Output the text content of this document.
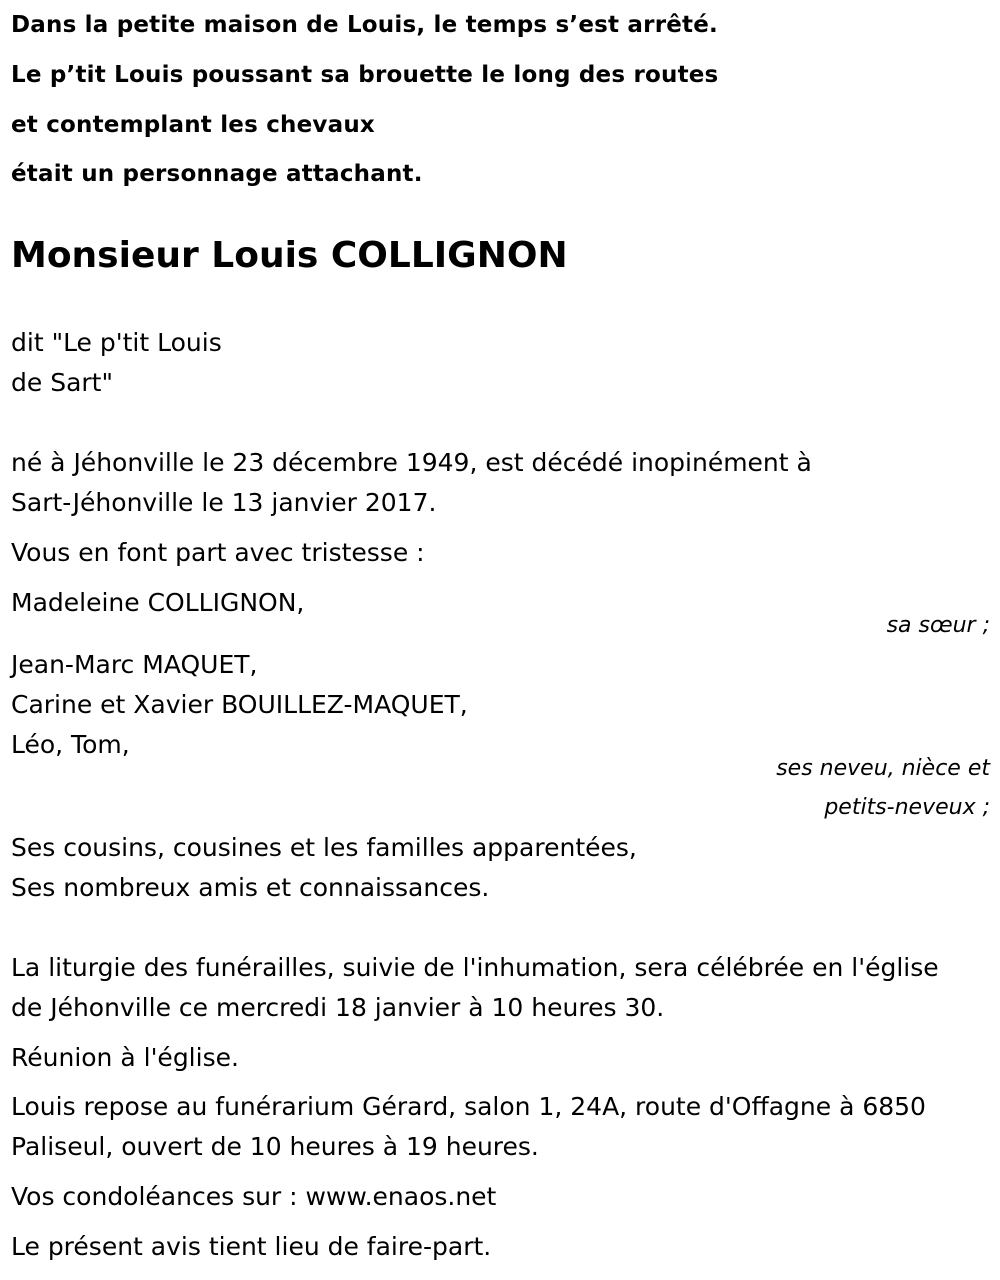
Dans la petite maison de Louis, le temps s’est arrêté.
Le p’tit Louis poussant sa brouette le long des routes
et contemplant les chevaux
était un personnage attachant.
Monsieur Louis COLLIGNON
dit "Le p'tit Louis
de Sart"
né à Jéhonville le 23 décembre 1949, est décédé inopinément à
Sart-Jéhonville le 13 janvier 2017.
Vous en font part avec tristesse :
Madeleine COLLIGNON,
sa sœur ;
Jean-Marc MAQUET,
Carine et Xavier BOUILLEZ-MAQUET,
Léo, Tom,
ses neveu, nièce et
petits-neveux ;
Ses cousins, cousines et les familles apparentées,
Ses nombreux amis et connaissances.
La liturgie des funérailles, suivie de l'inhumation, sera célébrée en l'église
de Jéhonville ce mercredi 18 janvier à 10 heures 30.
Réunion à l'église.
Louis repose au funérarium Gérard, salon 1, 24A, route d'Offagne à 6850
Paliseul, ouvert de 10 heures à 19 heures.
Vos condoléances sur : www.enaos.net
Le présent avis tient lieu de faire-part.
